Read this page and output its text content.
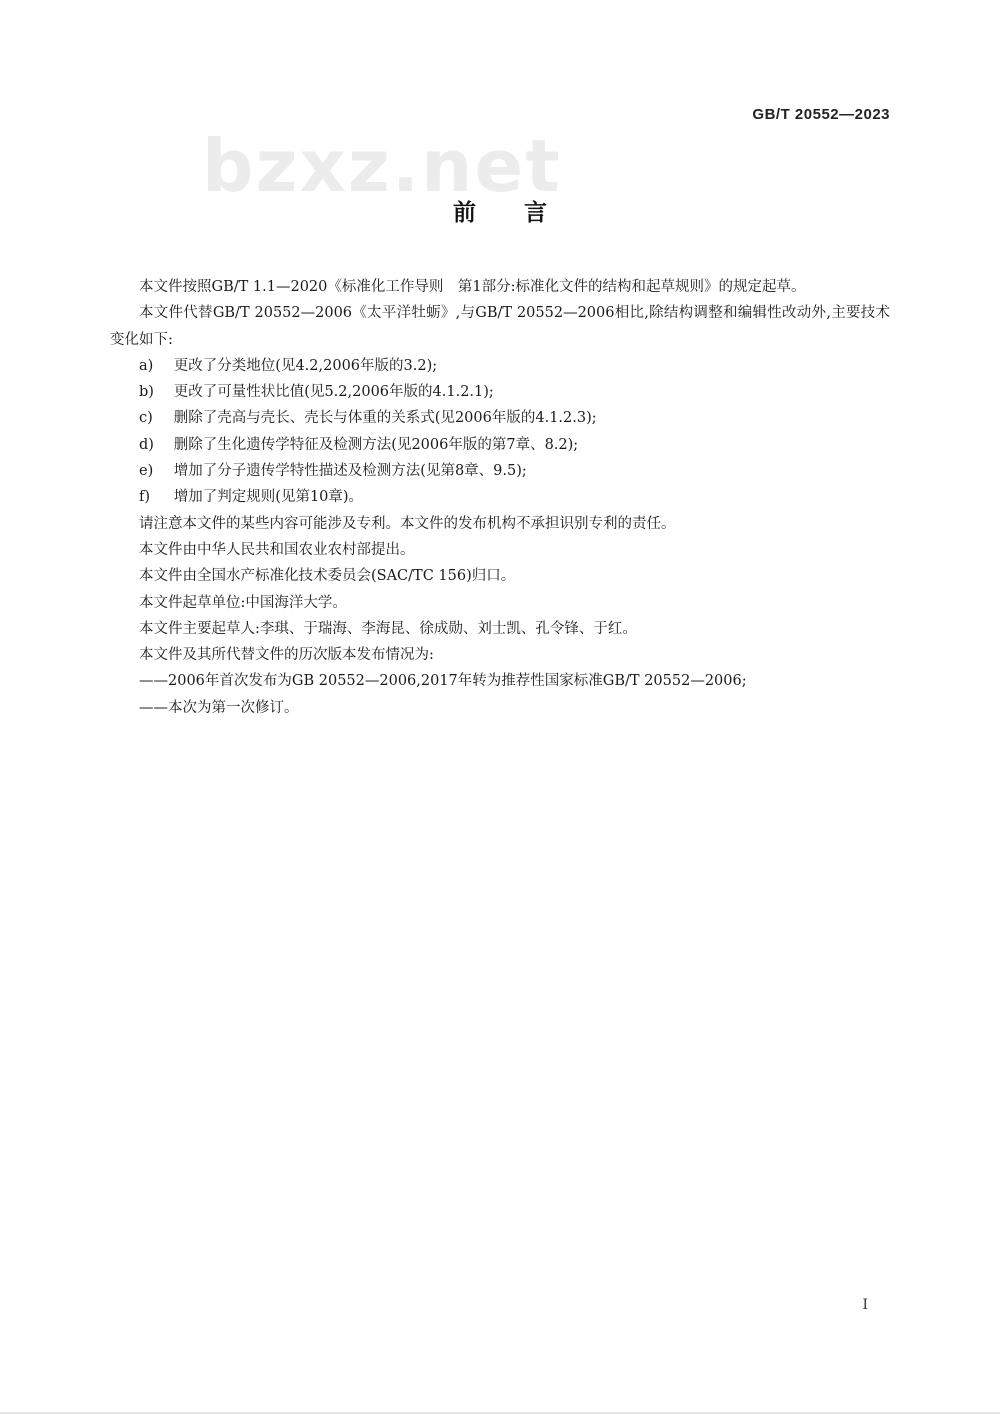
GB/T 20552—2023
bzxz.net
前言

本文件按照GB/T 1.1—2020《标准化工作导则　第1部分:标准化文件的结构和起草规则》的规定起草。

本文件代替GB/T 20552—2006《太平洋牡蛎》,与GB/T 20552—2006相比,除结构调整和编辑性改动外,主要技术变化如下:

a)	更改了分类地位(见4.2,2006年版的3.2);
b)	更改了可量性状比值(见5.2,2006年版的4.1.2.1);
c)	删除了壳高与壳长、壳长与体重的关系式(见2006年版的4.1.2.3);
d)	删除了生化遗传学特征及检测方法(见2006年版的第7章、8.2);
e)	增加了分子遗传学特性描述及检测方法(见第8章、9.5);
f)	增加了判定规则(见第10章)。

请注意本文件的某些内容可能涉及专利。本文件的发布机构不承担识别专利的责任。

本文件由中华人民共和国农业农村部提出。

本文件由全国水产标准化技术委员会(SAC/TC 156)归口。

本文件起草单位:中国海洋大学。

本文件主要起草人:李琪、于瑞海、李海昆、徐成勋、刘士凯、孔令锋、于红。

本文件及其所代替文件的历次版本发布情况为:

——2006年首次发布为GB 20552—2006,2017年转为推荐性国家标准GB/T 20552—2006;

——本次为第一次修订。

I
